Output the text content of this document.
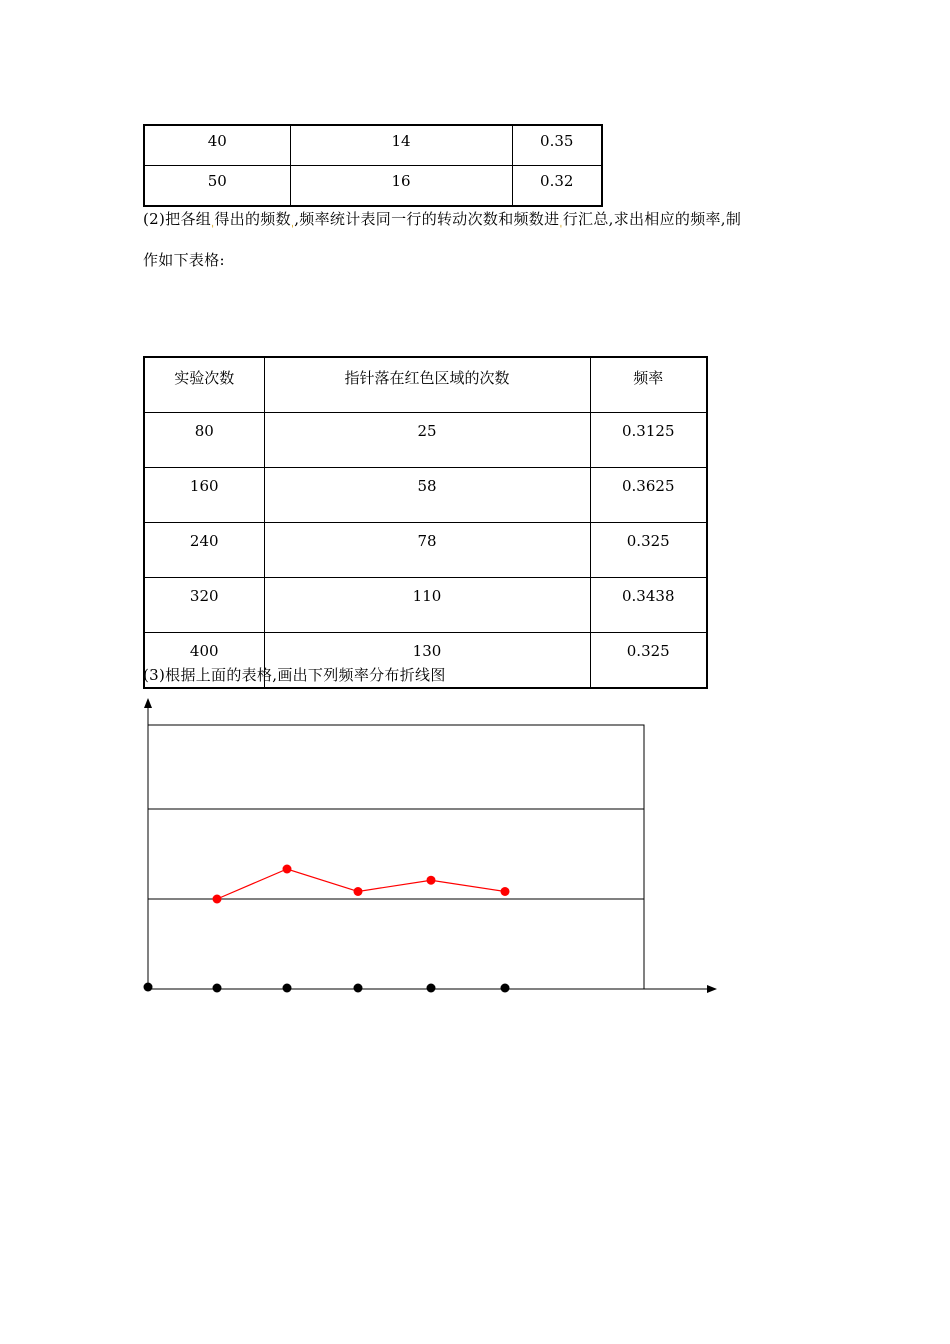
40	14	0.35
50	16	0.32
(2)把各组ˌ得出的频数ˌ,频率统计表同一行的转动次数和频数进ˌ行汇总,求出相应的频率,制
作如下表格:
实验次数	指针落在红色区域的次数	频率
80	25	0.3125
160	58	0.3625
240	78	0.325
320	110	0.3438
400	130	0.325
(3)根据上面的表格,画出下列频率分布折线图
